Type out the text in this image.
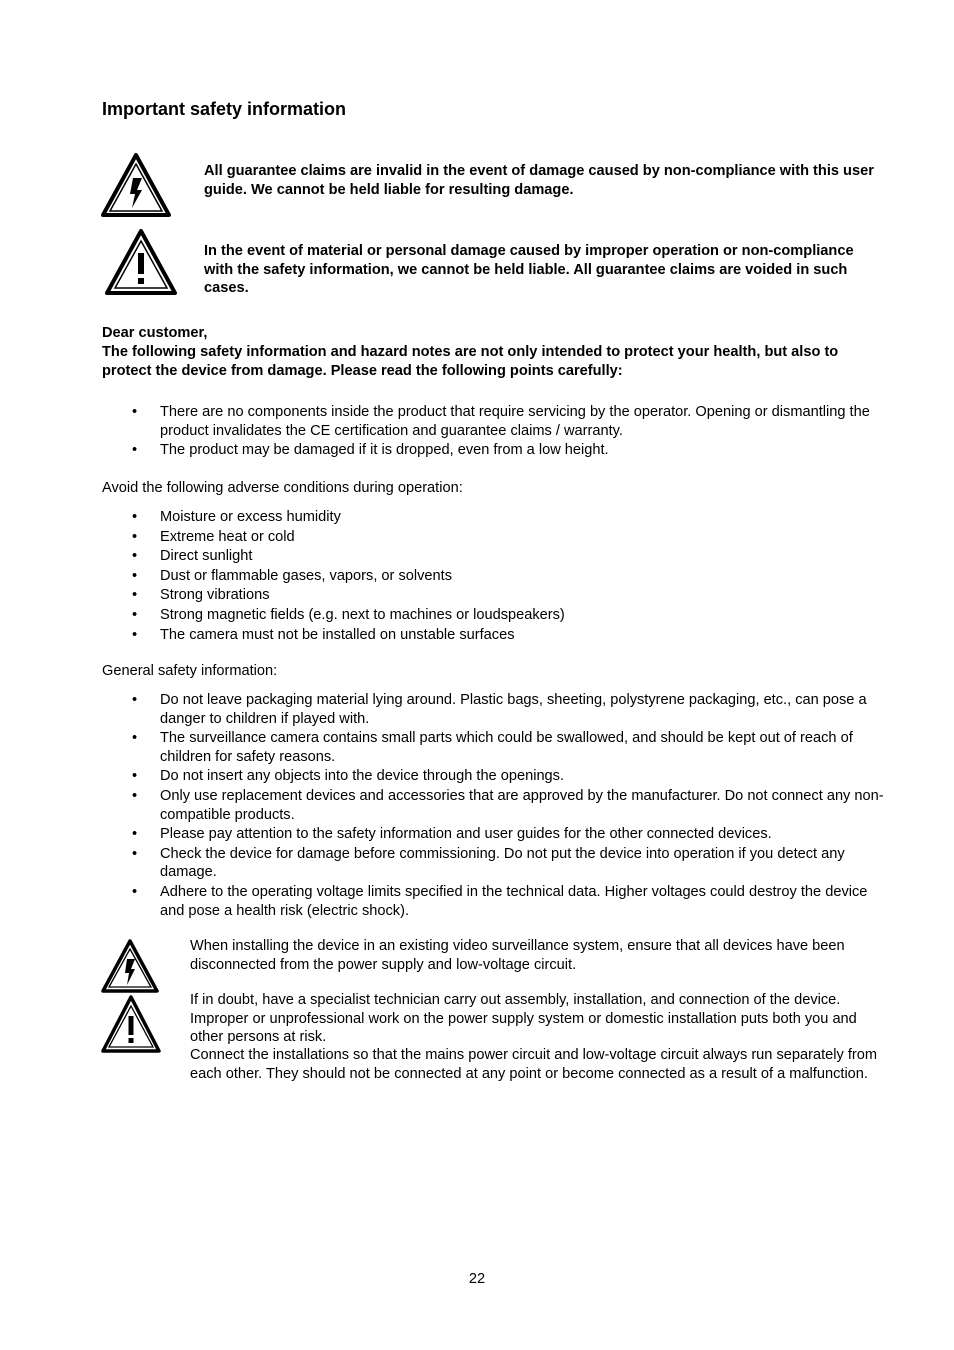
Important safety information

All guarantee claims are invalid in the event of damage caused by non-compliance with this user guide. We cannot be held liable for resulting damage.

In the event of material or personal damage caused by improper operation or non-compliance with the safety information, we cannot be held liable. All guarantee claims are voided in such cases.

Dear customer,

The following safety information and hazard notes are not only intended to protect your health, but also to protect the device from damage. Please read the following points carefully:

• There are no components inside the product that require servicing by the operator. Opening or dismantling the product invalidates the CE certification and guarantee claims / warranty.
• The product may be damaged if it is dropped, even from a low height.

Avoid the following adverse conditions during operation:

• Moisture or excess humidity
• Extreme heat or cold
• Direct sunlight
• Dust or flammable gases, vapors, or solvents
• Strong vibrations
• Strong magnetic fields (e.g. next to machines or loudspeakers)
• The camera must not be installed on unstable surfaces

General safety information:

• Do not leave packaging material lying around. Plastic bags, sheeting, polystyrene packaging, etc., can pose a danger to children if played with.
• The surveillance camera contains small parts which could be swallowed, and should be kept out of reach of children for safety reasons.
• Do not insert any objects into the device through the openings.
• Only use replacement devices and accessories that are approved by the manufacturer. Do not connect any non-compatible products.
• Please pay attention to the safety information and user guides for the other connected devices.
• Check the device for damage before commissioning. Do not put the device into operation if you detect any damage.
• Adhere to the operating voltage limits specified in the technical data. Higher voltages could destroy the device and pose a health risk (electric shock).

When installing the device in an existing video surveillance system, ensure that all devices have been disconnected from the power supply and low-voltage circuit.

If in doubt, have a specialist technician carry out assembly, installation, and connection of the device. Improper or unprofessional work on the power supply system or domestic installation puts both you and other persons at risk.

Connect the installations so that the mains power circuit and low-voltage circuit always run separately from each other. They should not be connected at any point or become connected as a result of a malfunction.

22
